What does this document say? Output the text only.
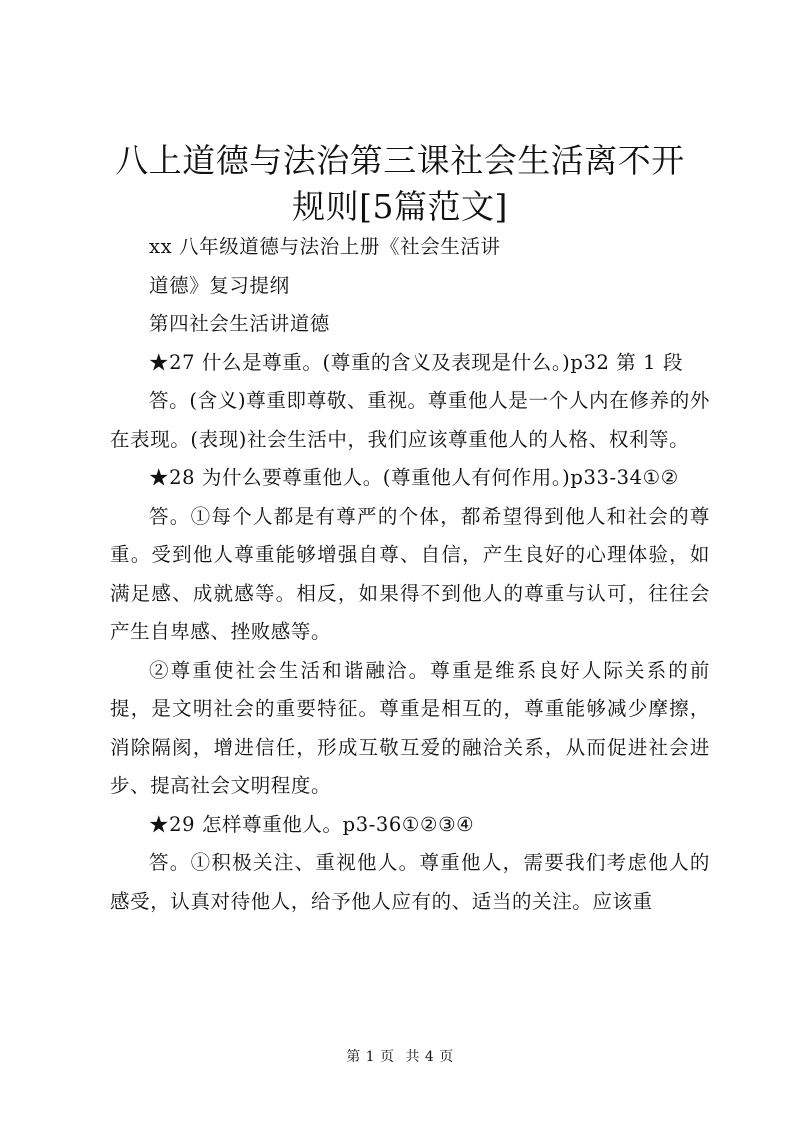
八上道德与法治第三课社会生活离不开规则[5篇范文]

xx 八年级道德与法治上册《社会生活讲

道德》复习提纲

第四社会生活讲道德

★27 什么是尊重。(尊重的含义及表现是什么。)p32 第 1 段

答。(含义)尊重即尊敬、重视。尊重他人是一个人内在修养的外在表现。(表现)社会生活中，我们应该尊重他人的人格、权利等。

★28 为什么要尊重他人。(尊重他人有何作用。)p33-34①②

答。①每个人都是有尊严的个体，都希望得到他人和社会的尊重。受到他人尊重能够增强自尊、自信，产生良好的心理体验，如满足感、成就感等。相反，如果得不到他人的尊重与认可，往往会产生自卑感、挫败感等。

②尊重使社会生活和谐融洽。尊重是维系良好人际关系的前提，是文明社会的重要特征。尊重是相互的，尊重能够减少摩擦，消除隔阂，增进信任，形成互敬互爱的融洽关系，从而促进社会进步、提高社会文明程度。

★29 怎样尊重他人。p3-36①②③④

答。①积极关注、重视他人。尊重他人，需要我们考虑他人的感受，认真对待他人，给予他人应有的、适当的关注。应该重

第 1 页 共 4 页
